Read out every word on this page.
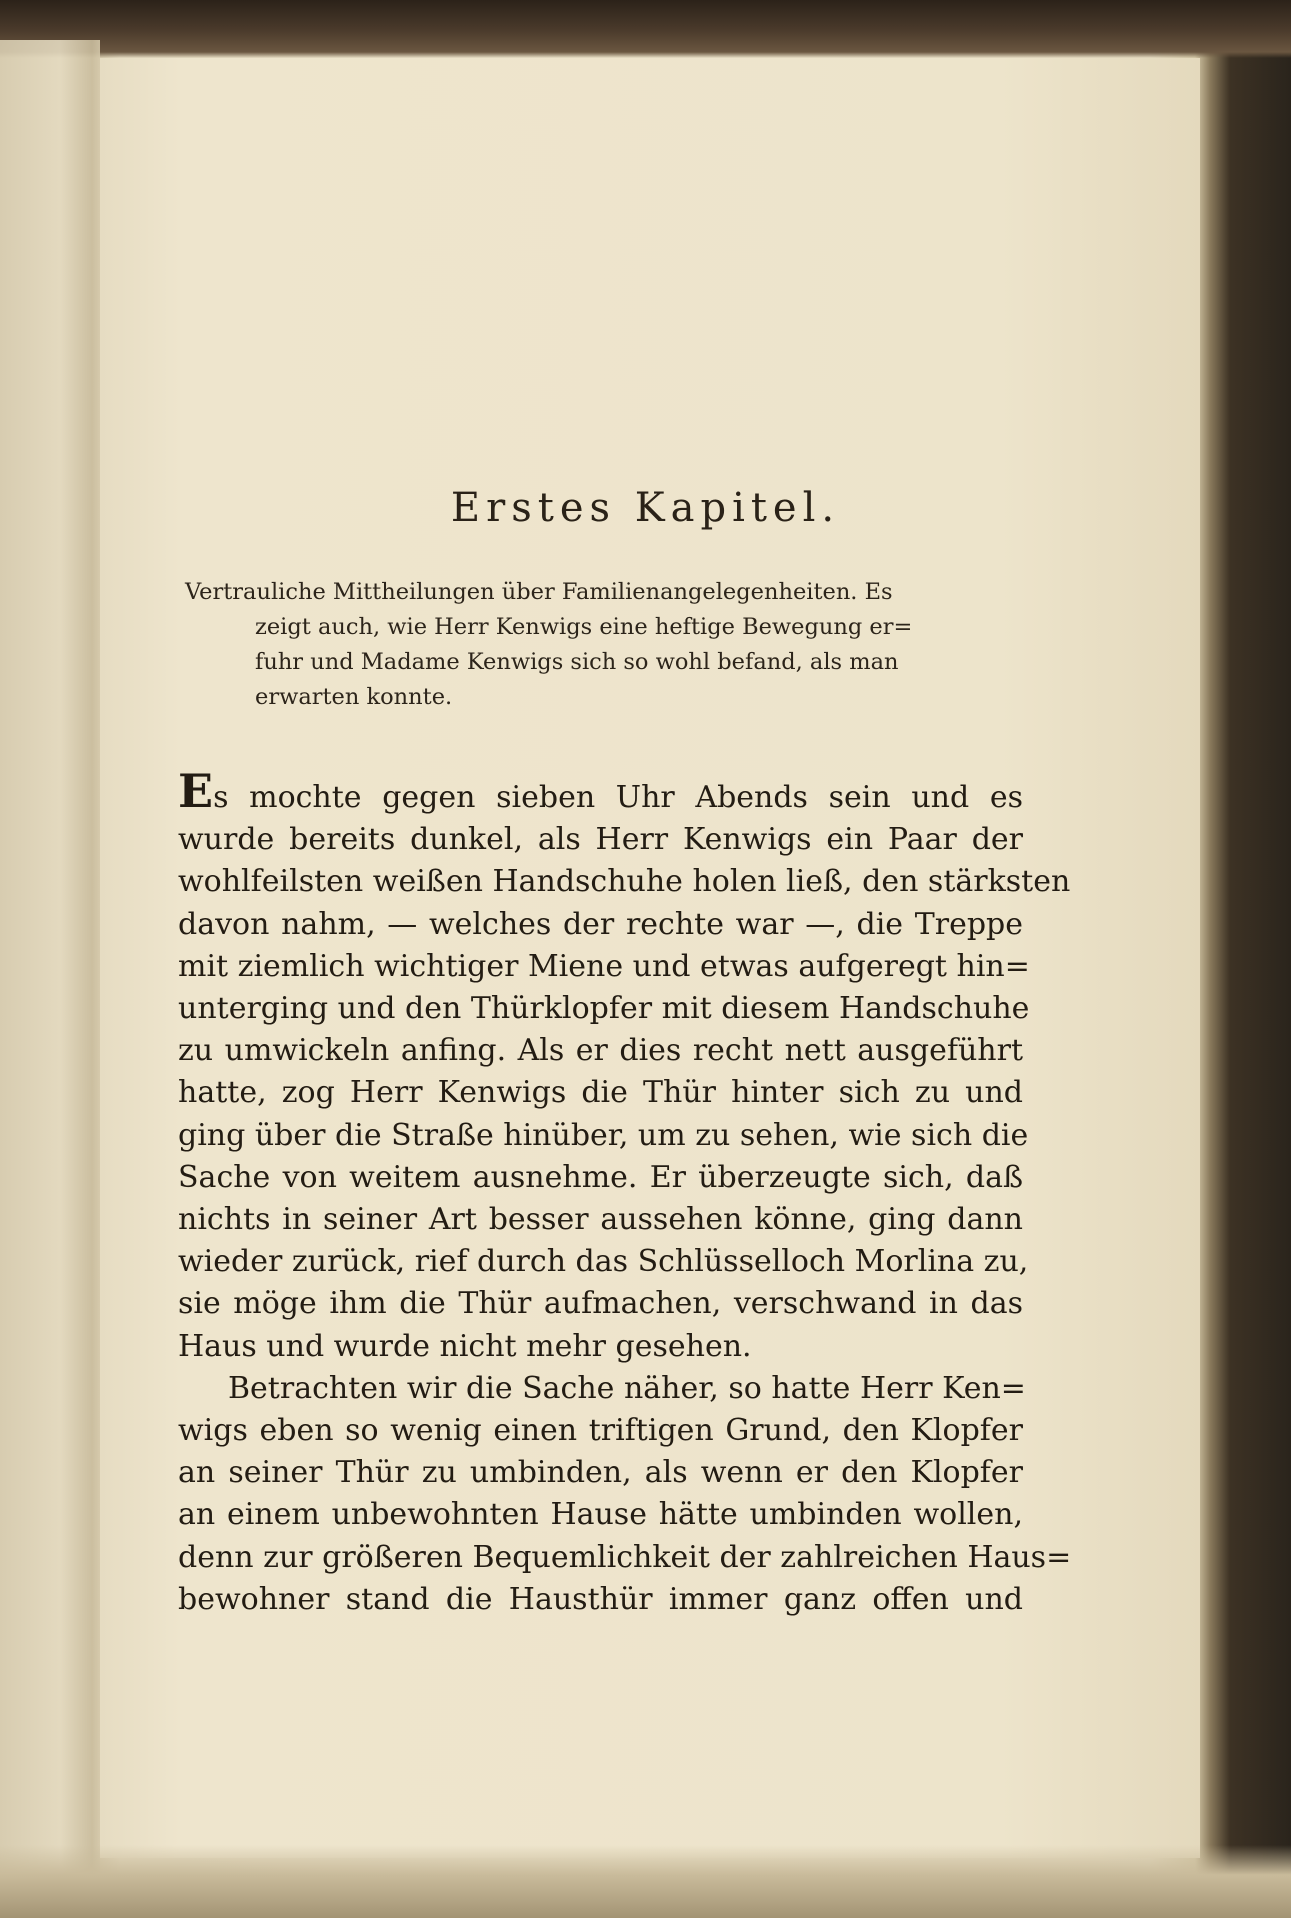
Erstes Kapitel.
Vertrauliche Mittheilungen über Familienangelegenheiten. Es
zeigt auch, wie Herr Kenwigs eine heftige Bewegung er=
fuhr und Madame Kenwigs sich so wohl befand, als man
erwarten konnte.
Es mochte gegen sieben Uhr Abends sein und es
wurde bereits dunkel, als Herr Kenwigs ein Paar der
wohlfeilsten weißen Handschuhe holen ließ, den stärksten
davon nahm, — welches der rechte war —, die Treppe
mit ziemlich wichtiger Miene und etwas aufgeregt hin=
unterging und den Thürklopfer mit diesem Handschuhe
zu umwickeln anfing. Als er dies recht nett ausgeführt
hatte, zog Herr Kenwigs die Thür hinter sich zu und
ging über die Straße hinüber, um zu sehen, wie sich die
Sache von weitem ausnehme. Er überzeugte sich, daß
nichts in seiner Art besser aussehen könne, ging dann
wieder zurück, rief durch das Schlüsselloch Morlina zu,
sie möge ihm die Thür aufmachen, verschwand in das
Haus und wurde nicht mehr gesehen.
Betrachten wir die Sache näher, so hatte Herr Ken=
wigs eben so wenig einen triftigen Grund, den Klopfer
an seiner Thür zu umbinden, als wenn er den Klopfer
an einem unbewohnten Hause hätte umbinden wollen,
denn zur größeren Bequemlichkeit der zahlreichen Haus=
bewohner stand die Hausthür immer ganz offen und
